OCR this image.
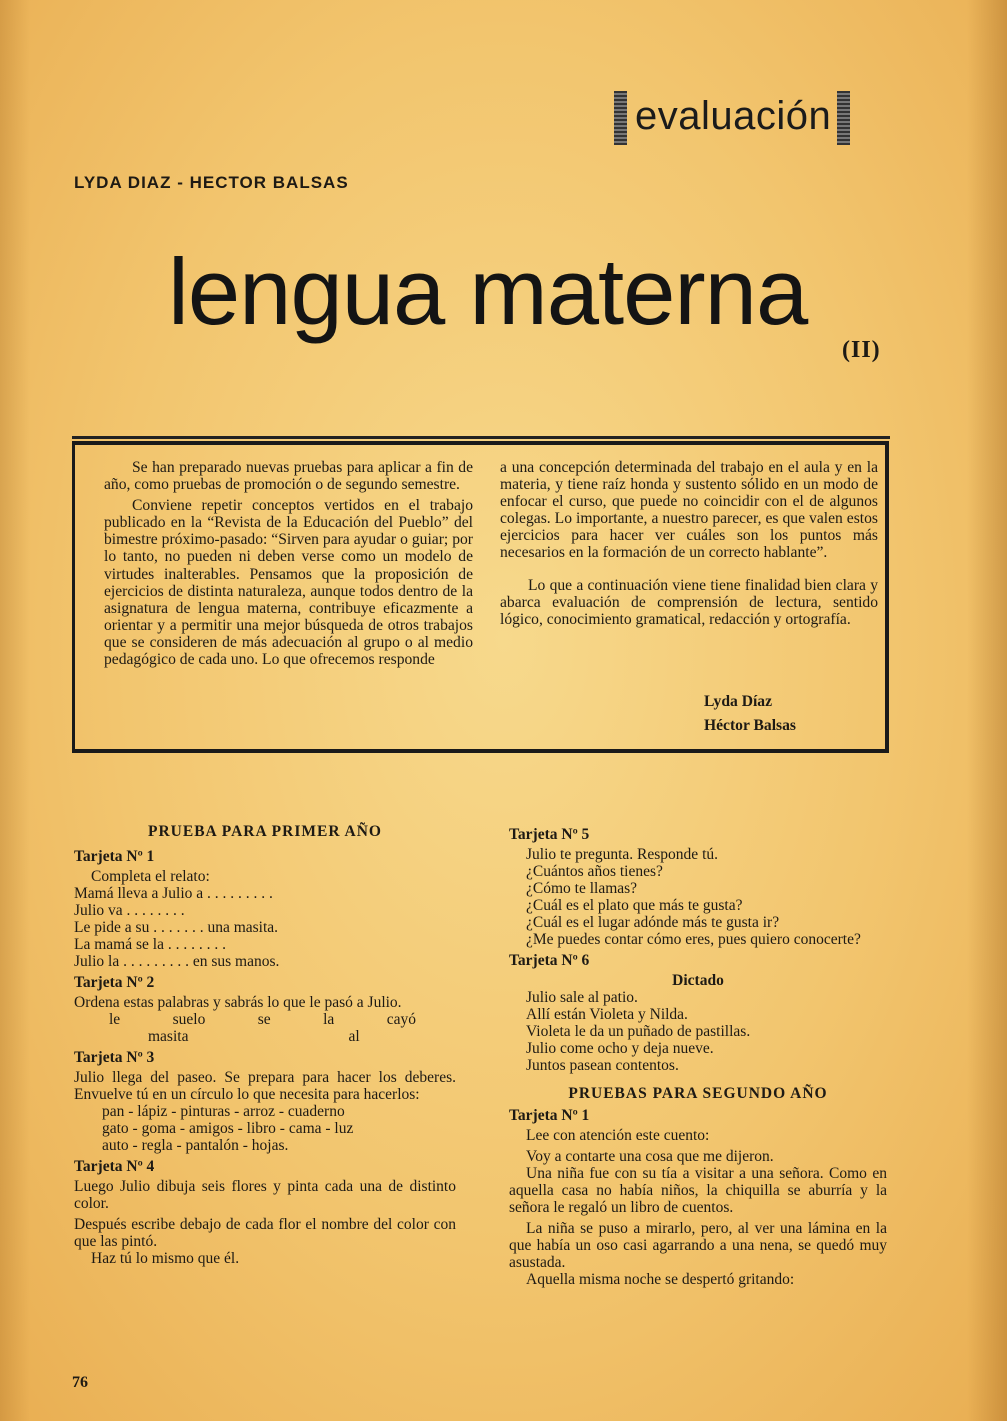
evaluación
LYDA DIAZ - HECTOR BALSAS
lengua materna
(II)

Se han preparado nuevas pruebas para aplicar a fin de año, como pruebas de promoción o de segundo semestre.

Conviene repetir conceptos vertidos en el trabajo publicado en la “Revista de la Educación del Pueblo” del bimestre próximo-pasado: “Sirven para ayudar o guiar; por lo tanto, no pueden ni deben verse como un modelo de virtudes inalterables. Pensamos que la proposición de ejercicios de distinta naturaleza, aunque todos dentro de la asignatura de lengua materna, contribuye eficazmente a orientar y a permitir una mejor búsqueda de otros trabajos que se consideren de más adecuación al grupo o al medio pedagógico de cada uno. Lo que ofrecemos responde

a una concepción determinada del trabajo en el aula y en la materia, y tiene raíz honda y sustento sólido en un modo de enfocar el curso, que puede no coincidir con el de algunos colegas. Lo importante, a nuestro parecer, es que valen estos ejercicios para hacer ver cuáles son los puntos más necesarios en la formación de un correcto hablante”.

Lo que a continuación viene tiene finalidad bien clara y abarca evaluación de comprensión de lectura, sentido lógico, conocimiento gramatical, redacción y ortografía.

Lyda Díaz
Héctor Balsas
PRUEBA PARA PRIMER AÑO
Tarjeta Nº 1

Completa el relato:

Mamá lleva a Julio a . . . . . . . . .

Julio va . . . . . . . .

Le pide a su . . . . . . . una masita.

La mamá se la . . . . . . . .

Julio la . . . . . . . . . en sus manos.

Tarjeta Nº 2

Ordena estas palabras y sabrás lo que le pasó a Julio.

le	suelo	se	la	cayó
masita	al
Tarjeta Nº 3

Julio llega del paseo. Se prepara para hacer los deberes. Envuelve tú en un círculo lo que necesita para hacerlos:

pan - lápiz - pinturas - arroz - cuaderno

gato - goma - amigos - libro - cama - luz

auto - regla - pantalón - hojas.

Tarjeta Nº 4

Luego Julio dibuja seis flores y pinta cada una de distinto color.

Después escribe debajo de cada flor el nombre del color con que las pintó.

Haz tú lo mismo que él.

Tarjeta Nº 5

Julio te pregunta. Responde tú.

¿Cuántos años tienes?

¿Cómo te llamas?

¿Cuál es el plato que más te gusta?

¿Cuál es el lugar adónde más te gusta ir?

¿Me puedes contar cómo eres, pues quiero conocerte?

Tarjeta Nº 6
Dictado

Julio sale al patio.

Allí están Violeta y Nilda.

Violeta le da un puñado de pastillas.

Julio come ocho y deja nueve.

Juntos pasean contentos.

PRUEBAS PARA SEGUNDO AÑO
Tarjeta Nº 1

Lee con atención este cuento:

Voy a contarte una cosa que me dijeron.

Una niña fue con su tía a visitar a una señora. Como en aquella casa no había niños, la chiquilla se aburría y la señora le regaló un libro de cuentos.

La niña se puso a mirarlo, pero, al ver una lámina en la que había un oso casi agarrando a una nena, se quedó muy asustada.

Aquella misma noche se despertó gritando:

76
